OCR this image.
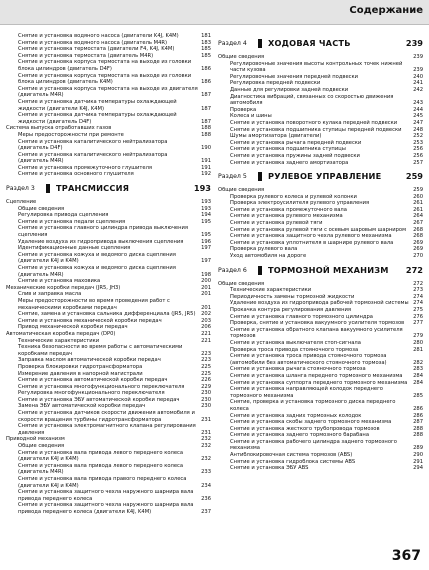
Содержание
Снятие и установка водяного насоса (двигатели K4J, K4M)	181
Снятие и установка водяного насоса (двигатель M4R)	183
Снятие и установка термостата (двигатели F4, K4J, K4M)	185
Снятие и установка термостата (двигатель M4R)	185
Снятие и установка корпуса термостата на выходе из головки блока цилиндров (двигатель D4F)	186
Снятие и установка корпуса термостата на выходе из головки блока цилиндров (двигатель K4M)	186
Снятие и установка корпуса термостата на выходе из двигателя (двигатель M4R)	187
Снятие и установка датчика температуры охлаждающей жидкости (двигатели K4J, K4M)	187
Снятие и установка датчика температуры охлаждающей жидкости (двигатель D4F)	187
Система выпуска отработавших газов	188
Меры предосторожности при ремонте	188
Снятие и установка каталитического нейтрализатора (двигатель D4F)	190
Снятие и установка каталитического нейтрализатора (двигатель M4R)	191
Снятие и установка промежуточного глушителя	191
Снятие и установка основного глушителя	192
Раздел 3	ТРАНСМИССИЯ	193
Сцепление	193
Общие сведения	193
Регулировка привода сцепления	194
Снятие и установка педали сцепления	195
Снятие и установка главного цилиндра привода выключения сцепления	195
Удаление воздуха из гидропривода выключения сцепления	196
Идентификационные данные сцепления	197
Снятие и установка кожуха и ведомого диска сцепления (двигатели K4J и K4M)	197
Снятие и установка кожуха и ведомого диска сцепления (двигатель M4R)	198
Снятие и установка маховика	200
Механические коробки передач (JR5, JH3)	201
Слив и заправка масла	201
Меры предосторожности во время проведения работ с механическими коробками передач	201
Снятие, замена и установка сальника дифференциала (JR5, JR5) 202
Снятие и установка механической коробки передач	203
Привод механической коробки передач	206
Автоматическая коробка передач (DP0)	221
Технические характеристики	221
Техника безопасности во время работы с автоматическими коробками передач	223
Заправка маслом автоматической коробки передач	223
Проверка блокировки гидротрансформатора	225
Измерение давления в напорной магистрали	225
Снятие и установка автоматической коробки передач	226
Снятие и установка многофункционального переключателя	229
Регулировка многофункционального переключателя	230
Снятие и установка ЭБУ автоматической коробки передач	230
Замена ЭБУ автоматической коробки передач	230
Снятие и установка датчиков скорости движения автомобиля и скорости вращения турбины гидротрансформатора	231
Снятие и установка электромагнитного клапана регулирования давления	231
Приводной механизм	232
Общие сведения	232
Снятие и установка вала привода левого переднего колеса (двигатели K4J и K4M)	232
Снятие и установка вала привода левого переднего колеса (двигатель M4R)	233
Снятие и установка вала привода правого переднего колеса (двигатели K4J и K4M)	234
Снятие и установка защитного чехла наружного шарнира вала привода переднего колеса	236
Снятие и установка защитного чехла наружного шарнира вала привода переднего колеса (двигатели K4J, K4M)	237
Раздел 4	ХОДОВАЯ ЧАСТЬ	239
Общие сведения	239
Регулировочные значения высоты контрольных точек нижней части кузова	239
Регулировочные значения передней подвески	240
Регулировка передней подвески	241
Данные для регулировки задней подвески	242
Диагностика вибраций, связанных со скоростью движения автомобиля	243
Проверка	244
Колеса и шины	245
Снятие и установка поворотного кулака передней подвески	247
Снятие и установка подшипника ступицы передней подвески 248
Шумы амортизатора (двигатели)	252
Снятие и установка рычага передней подвески	253
Снятие и установка подшипника ступицы	256
Снятие и установка пружины задней подвески	256
Снятие и установка заднего амортизатора	257
Раздел 5	РУЛЕВОЕ УПРАВЛЕНИЕ	259
Общие сведения	259
Проверка рулевого колеса и рулевой колонки	260
Проверка электроусилителя рулевого управления	261
Снятие и установка промежуточного вала	261
Снятие и установка рулевого механизма	264
Снятие и установка рулевой тяги	267
Снятие и установка рулевой тяги с осевым шаровым шарниром 268
Снятие и установка защитного чехла рулевого механизма	268
Снятие и установка уплотнителя в шарнире рулевого вала	269
Проверка рулевого вала	269
Уход автомобиля на дороге	270
Раздел 6	ТОРМОЗНОЙ МЕХАНИЗМ 272
Общие сведения	272
Технические характеристики	273
Периодичность замены тормозной жидкости	274
Удаление воздуха из гидропривода рабочей тормозной системы 274
Прокачка контура регулирования давления	275
Снятие и установка главного тормозного цилиндра	276
Проверка, снятие и установка вакуумного усилителя тормозов 277
Снятие и установка обратного клапана вакуумного усилителя тормозов	279
Снятие и установка выключателя стоп-сигнала	280
Проверка троса привода стояночного тормоза	281
Снятие и установка троса привода стояночного тормоза (автомобили без автоматического стояночного тормоза)	282
Снятие и установка рычага стояночного тормоза	283
Снятие и установка шланга переднего тормозного механизма 284
Снятие и установка суппорта переднего тормозного механизма 284
Снятие и установка направляющей колодок переднего тормозного механизма	285
Снятие, проверка и установка тормозного диска переднего колеса	286
Снятие и установка задних тормозных колодок	286
Снятие и установка скобы заднего тормозного механизма	287
Снятие и установка жесткого трубопровода тормозов	288
Снятие и установка заднего тормозного барабана	288
Снятие и установка рабочего цилиндра заднего тормозного механизма	289
Антиблокировочная система тормозов (ABS)	290
Снятие и установка гидроблока системы ABS	291
Снятие и установка ЭБУ ABS	294
367
